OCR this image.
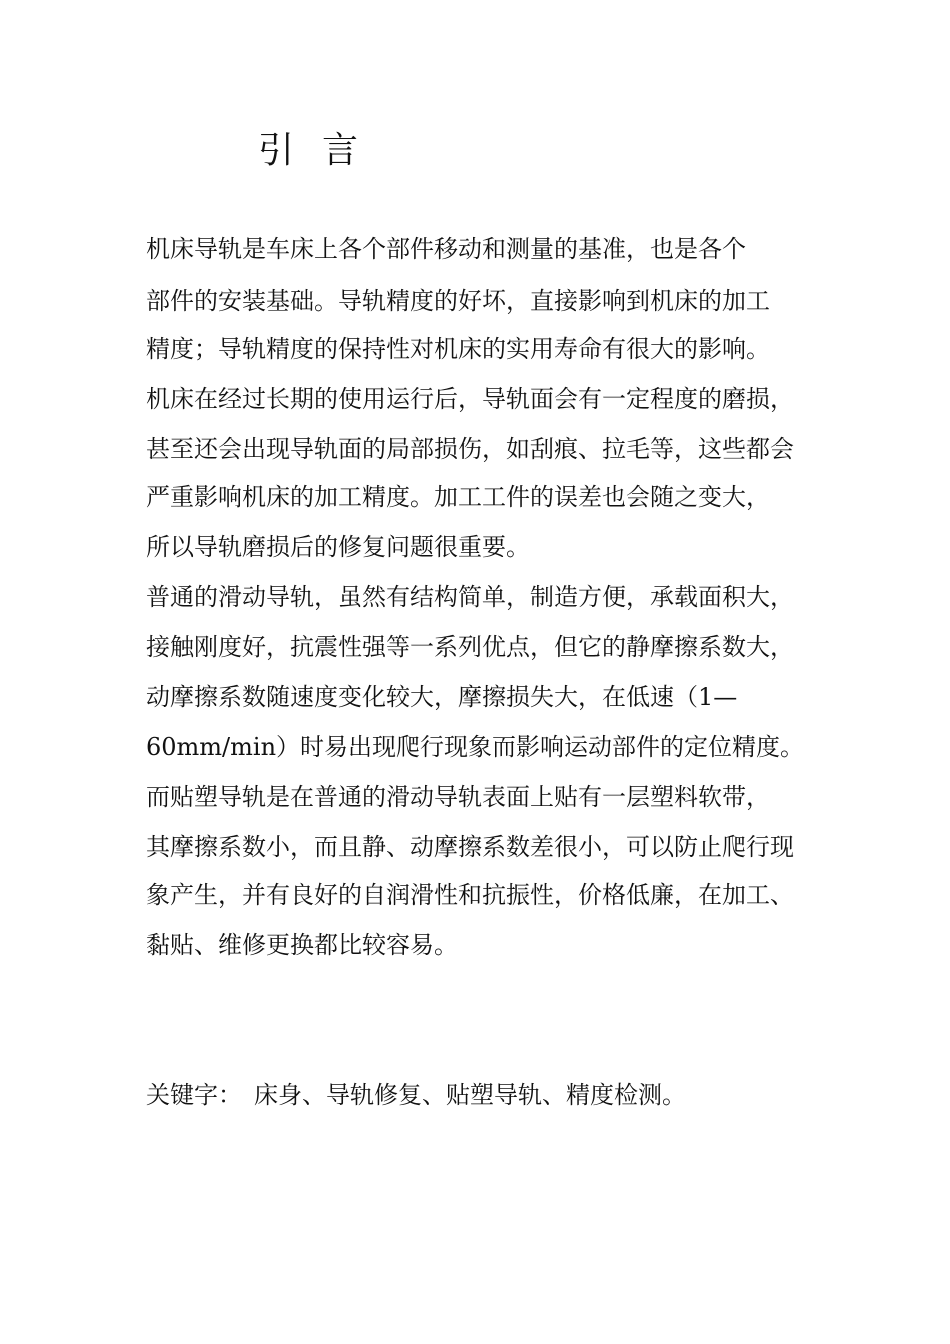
引言
机床导轨是车床上各个部件移动和测量的基准，也是各个
部件的安装基础。导轨精度的好坏，直接影响到机床的加工
精度；导轨精度的保持性对机床的实用寿命有很大的影响。
机床在经过长期的使用运行后，导轨面会有一定程度的磨损，
甚至还会出现导轨面的局部损伤，如刮痕、拉毛等，这些都会
严重影响机床的加工精度。加工工件的误差也会随之变大，
所以导轨磨损后的修复问题很重要。
普通的滑动导轨，虽然有结构简单，制造方便，承载面积大，
接触刚度好，抗震性强等一系列优点，但它的静摩擦系数大，
动摩擦系数随速度变化较大，摩擦损失大，在低速（1—
60mm/min）时易出现爬行现象而影响运动部件的定位精度。
而贴塑导轨是在普通的滑动导轨表面上贴有一层塑料软带，
其摩擦系数小，而且静、动摩擦系数差很小，可以防止爬行现
象产生，并有良好的自润滑性和抗振性，价格低廉，在加工、
黏贴、维修更换都比较容易。
关键字： 床身、导轨修复、贴塑导轨、精度检测。
